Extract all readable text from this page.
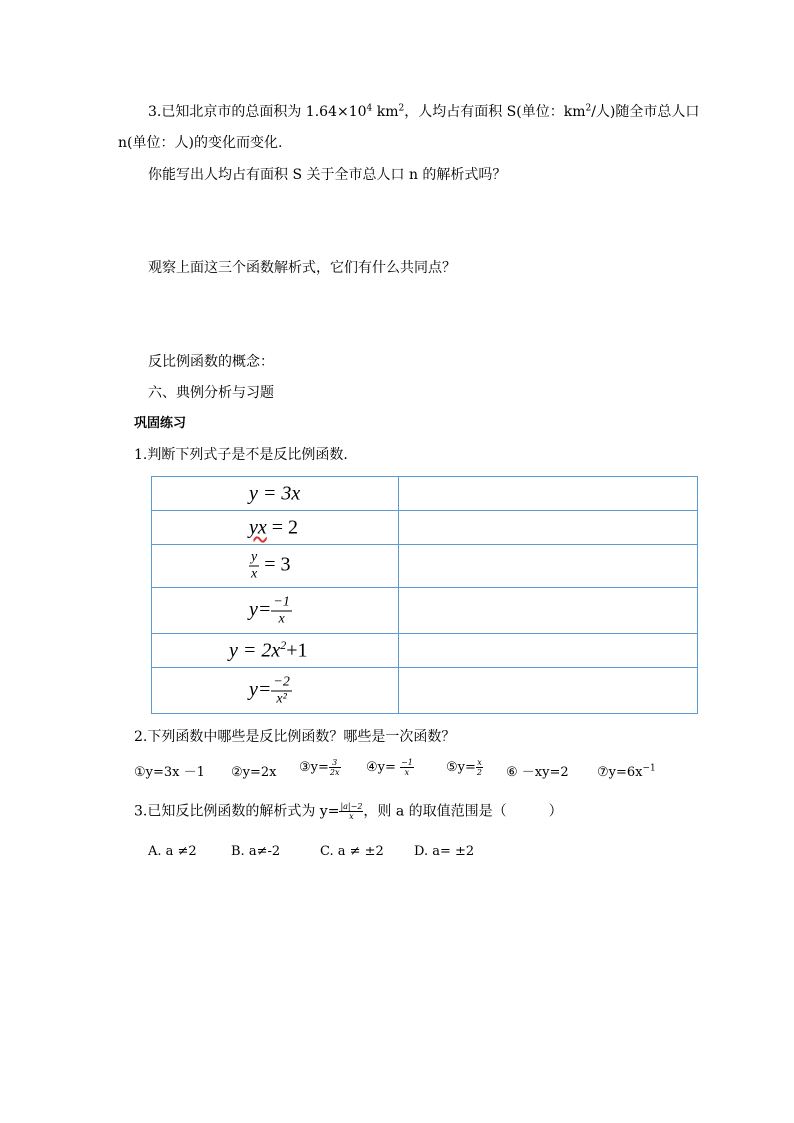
3.已知北京市的总面积为 $1.64\times 10^4$ $km^2$，人均占有面积 S(单位：$km^2/$人)随全市总人口
n(单位：人)的变化而变化.
你能写出人均占有面积 S 关于全市总人口 n 的解析式吗？
观察上面这三个函数解析式，它们有什么共同点？
反比例函数的概念：
六、典例分析与习题
巩固练习
1.判断下列式子是不是反比例函数.
y = 3x	

yx = 2	

$\frac{y}{x} = 3$	

$y= \frac{-1}{x}$

$y = 2x^2+1$	

$y= \frac{-2}{\text{x²}}$

2.下列函数中哪些是反比例函数？哪些是一次函数？
①y=3x －1 ②y=2x ③y= $\frac{3}{2x}$ ④y= $\frac{-1}{x}$ ⑤y= $\frac{x}{2}$ ⑥ －xy=2 $⑦y=6x^{-1}$
3.已知反比例函数的解析式为 $y= \frac{|a|-2}{x}$ ，则 a 的取值范围是（　　　）
A. a ≠2	B. a≠-2	C. a ≠ ±2 D. a= ±2
